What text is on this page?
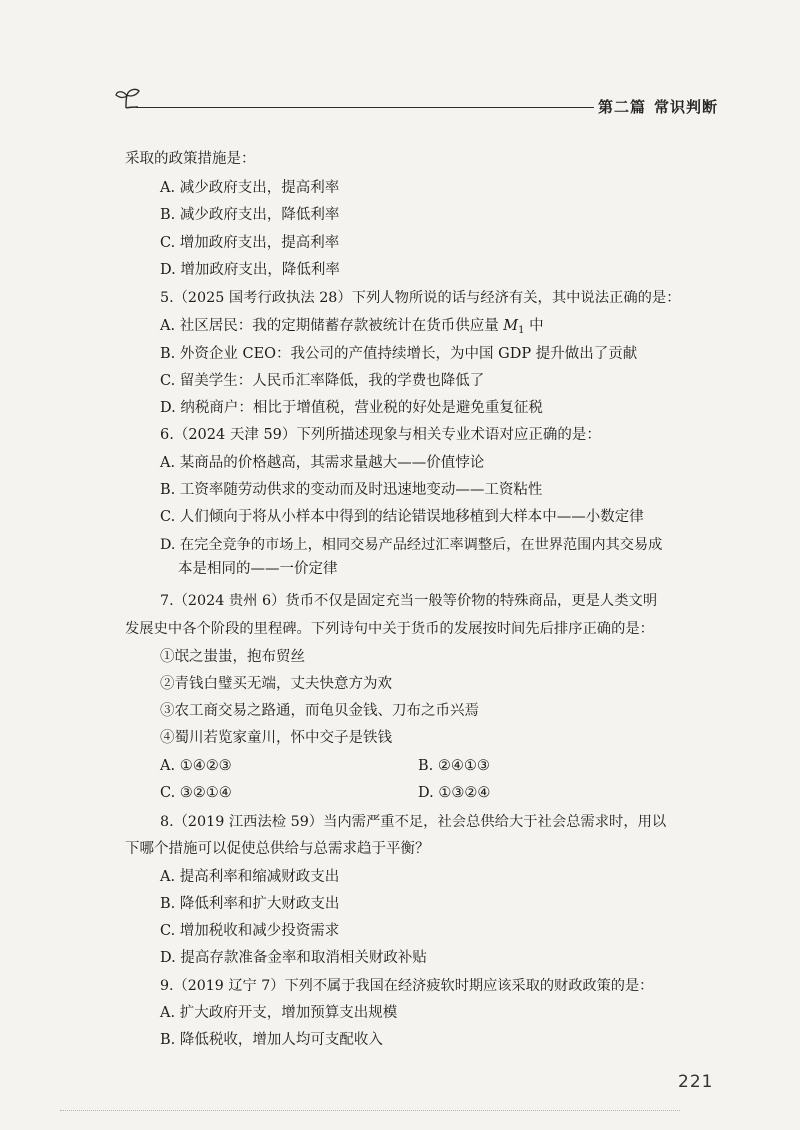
第二篇 常识判断
采取的政策措施是：
A. 减少政府支出，提高利率
B. 减少政府支出，降低利率
C. 增加政府支出，提高利率
D. 增加政府支出，降低利率
5.（2025 国考行政执法 28）下列人物所说的话与经济有关，其中说法正确的是：
A. 社区居民：我的定期储蓄存款被统计在货币供应量 $M_1$ 中
B. 外资企业 CEO：我公司的产值持续增长，为中国 GDP 提升做出了贡献
C. 留美学生：人民币汇率降低，我的学费也降低了
D. 纳税商户：相比于增值税，营业税的好处是避免重复征税
6.（2024 天津 59）下列所描述现象与相关专业术语对应正确的是：
A. 某商品的价格越高，其需求量越大——价值悖论
B. 工资率随劳动供求的变动而及时迅速地变动——工资粘性
C. 人们倾向于将从小样本中得到的结论错误地移植到大样本中——小数定律
D. 在完全竞争的市场上，相同交易产品经过汇率调整后，在世界范围内其交易成
本是相同的——一价定律
7.（2024 贵州 6）货币不仅是固定充当一般等价物的特殊商品，更是人类文明
发展史中各个阶段的里程碑。下列诗句中关于货币的发展按时间先后排序正确的是：
①氓之蚩蚩，抱布贸丝
②青钱白璧买无端，丈夫快意方为欢
③农工商交易之路通，而龟贝金钱、刀布之币兴焉
④蜀川若览家童川，怀中交子是铁钱
A. ①④②③	B. ②④①③
C. ③②①④	D. ①③②④
8.（2019 江西法检 59）当内需严重不足，社会总供给大于社会总需求时，用以
下哪个措施可以促使总供给与总需求趋于平衡？
A. 提高利率和缩减财政支出
B. 降低利率和扩大财政支出
C. 增加税收和减少投资需求
D. 提高存款准备金率和取消相关财政补贴
9.（2019 辽宁 7）下列不属于我国在经济疲软时期应该采取的财政政策的是：
A. 扩大政府开支，增加预算支出规模
B. 降低税收，增加人均可支配收入
221
